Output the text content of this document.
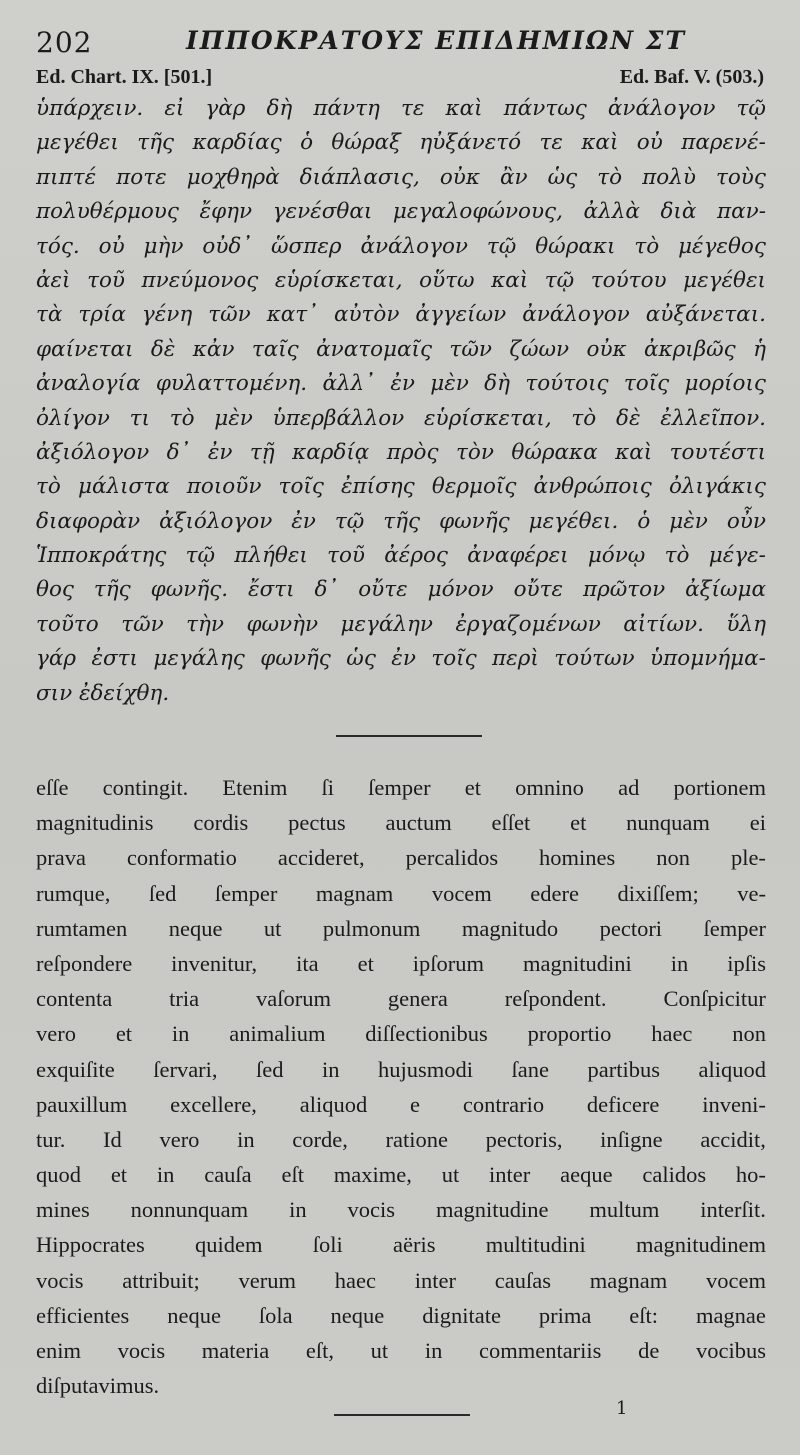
202	ΙΠΠΟΚΡΑΤΟΥΣ ΕΠΙΔΗΜΙΩΝ ΣΤ
Ed. Chart. IX. [501.]	Ed. Baf. V. (503.)
ὑπάρχειν. εἰ γὰρ δὴ πάντη τε καὶ πάντως ἀνάλογον τῷ
μεγέθει τῆς καρδίας ὁ θώραξ ηὐξάνετό τε καὶ οὐ παρενέ-
πιπτέ ποτε μοχθηρὰ διάπλασις, οὐκ ἂν ὡς τὸ πολὺ τοὺς
πολυθέρμους ἔφην γενέσθαι μεγαλοφώνους, ἀλλὰ διὰ παν-
τός. οὐ μὴν οὐδ᾽ ὥσπερ ἀνάλογον τῷ θώρακι τὸ μέγεθος
ἀεὶ τοῦ πνεύμονος εὑρίσκεται, οὕτω καὶ τῷ τούτου μεγέθει
τὰ τρία γένη τῶν κατ᾽ αὐτὸν ἀγγείων ἀνάλογον αὐξάνεται.
φαίνεται δὲ κἀν ταῖς ἀνατομαῖς τῶν ζώων οὐκ ἀκριβῶς ἡ
ἀναλογία φυλαττομένη. ἀλλ᾽ ἐν μὲν δὴ τούτοις τοῖς μορίοις
ὀλίγον τι τὸ μὲν ὑπερβάλλον εὑρίσκεται, τὸ δὲ ἐλλεῖπον.
ἀξιόλογον δ᾽ ἐν τῇ καρδίᾳ πρὸς τὸν θώρακα καὶ τουτέστι
τὸ μάλιστα ποιοῦν τοῖς ἐπίσης θερμοῖς ἀνθρώποις ὀλιγάκις
διαφορὰν ἀξιόλογον ἐν τῷ τῆς φωνῆς μεγέθει. ὁ μὲν οὖν
Ἱπποκράτης τῷ πλήθει τοῦ ἀέρος ἀναφέρει μόνῳ τὸ μέγε-
θος τῆς φωνῆς. ἔστι δ᾽ οὔτε μόνον οὔτε πρῶτον ἀξίωμα
τοῦτο τῶν τὴν φωνὴν μεγάλην ἐργαζομένων αἰτίων. ὕλη
γάρ ἐστι μεγάλης φωνῆς ὡς ἐν τοῖς περὶ τούτων ὑπομνήμα-
σιν ἐδείχθη.
eſſe contingit. Etenim ſi ſemper et omnino ad portionem
magnitudinis cordis pectus auctum eſſet et nunquam ei
prava conformatio accideret, percalidos homines non ple-
rumque, ſed ſemper magnam vocem edere dixiſſem; ve-
rumtamen neque ut pulmonum magnitudo pectori ſemper
reſpondere invenitur, ita et ipſorum magnitudini in ipſis
contenta	tria	vaſorum	genera	reſpondent.	Conſpicitur
vero et in animalium diſſectionibus proportio haec non
exquiſite ſervari, ſed in hujusmodi ſane partibus aliquod
pauxillum excellere, aliquod e contrario deficere inveni-
tur. Id vero in corde, ratione pectoris, inſigne accidit,
quod et in cauſa eſt maxime, ut inter aeque calidos ho-
mines nonnunquam in vocis magnitudine multum interſit.
Hippocrates quidem ſoli aëris multitudini magnitudinem
vocis attribuit; verum haec inter cauſas magnam vocem
efficientes neque ſola neque dignitate prima eſt: magnae
enim vocis materia eſt, ut in commentariis de vocibus
diſputavimus.
1
